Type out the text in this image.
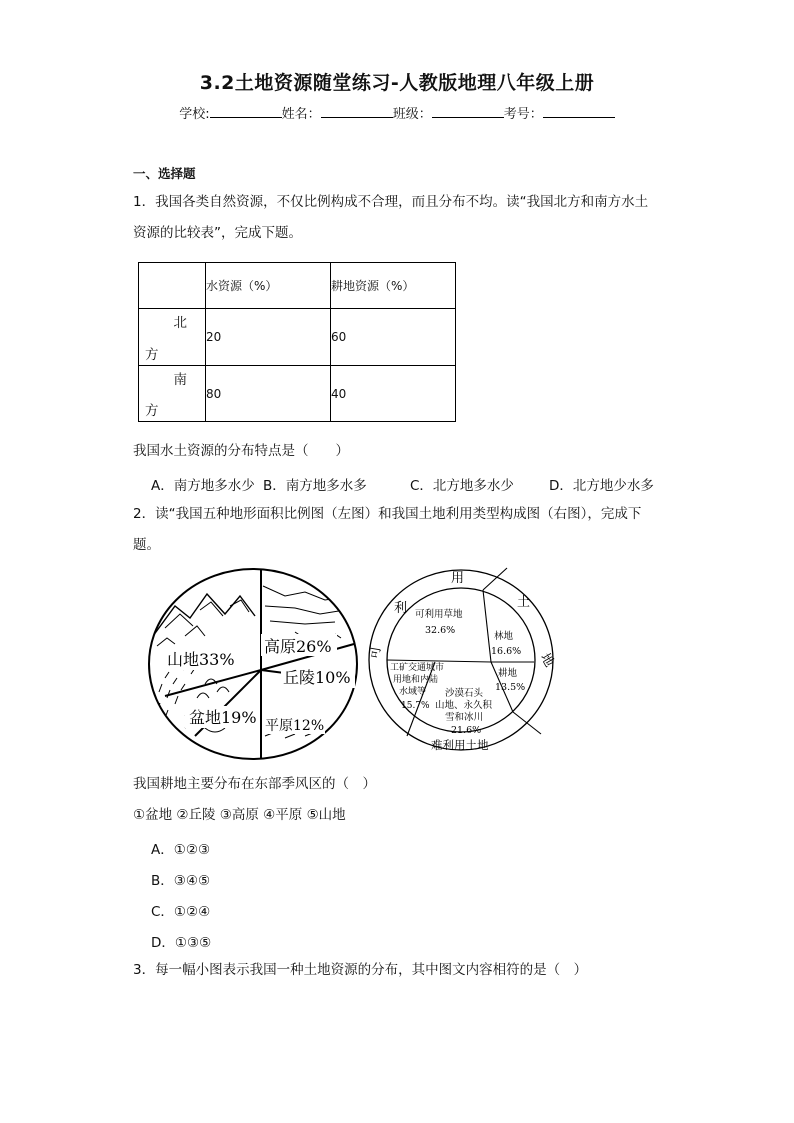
3.2土地资源随堂练习-人教版地理八年级上册
学校:	姓名：	班级：	考号：
一、选择题
1．我国各类自然资源，不仅比例构成不合理，而且分布不均。读“我国北方和南方水土
资源的比较表”，完成下题。
	水资源（%）	耕地资源（%）

北
方	20	60

南
方	80	40
我国水土资源的分布特点是（　　）
A．南方地多水少 B．南方地多水多	C．北方地多水少	D．北方地少水多
2．读“我国五种地形面积比例图（左图）和我国土地利用类型构成图（右图），完成下
题。
山地33%
高原26%
丘陵10%
盆地19% 平原12%
用
土
地
利
可
难利用土地
可利用草地
32.6%
林地
16.6%
耕地
13.5%
沙漠石头
山地、永久积
雪和冰川
21.6%
工矿交通城市
用地和内陆
水域等
15.7%
我国耕地主要分布在东部季风区的（　）
①盆地 ②丘陵 ③高原 ④平原 ⑤山地
A．①②③
B．③④⑤
C．①②④
D．①③⑤
3．每一幅小图表示我国一种土地资源的分布，其中图文内容相符的是（　）
